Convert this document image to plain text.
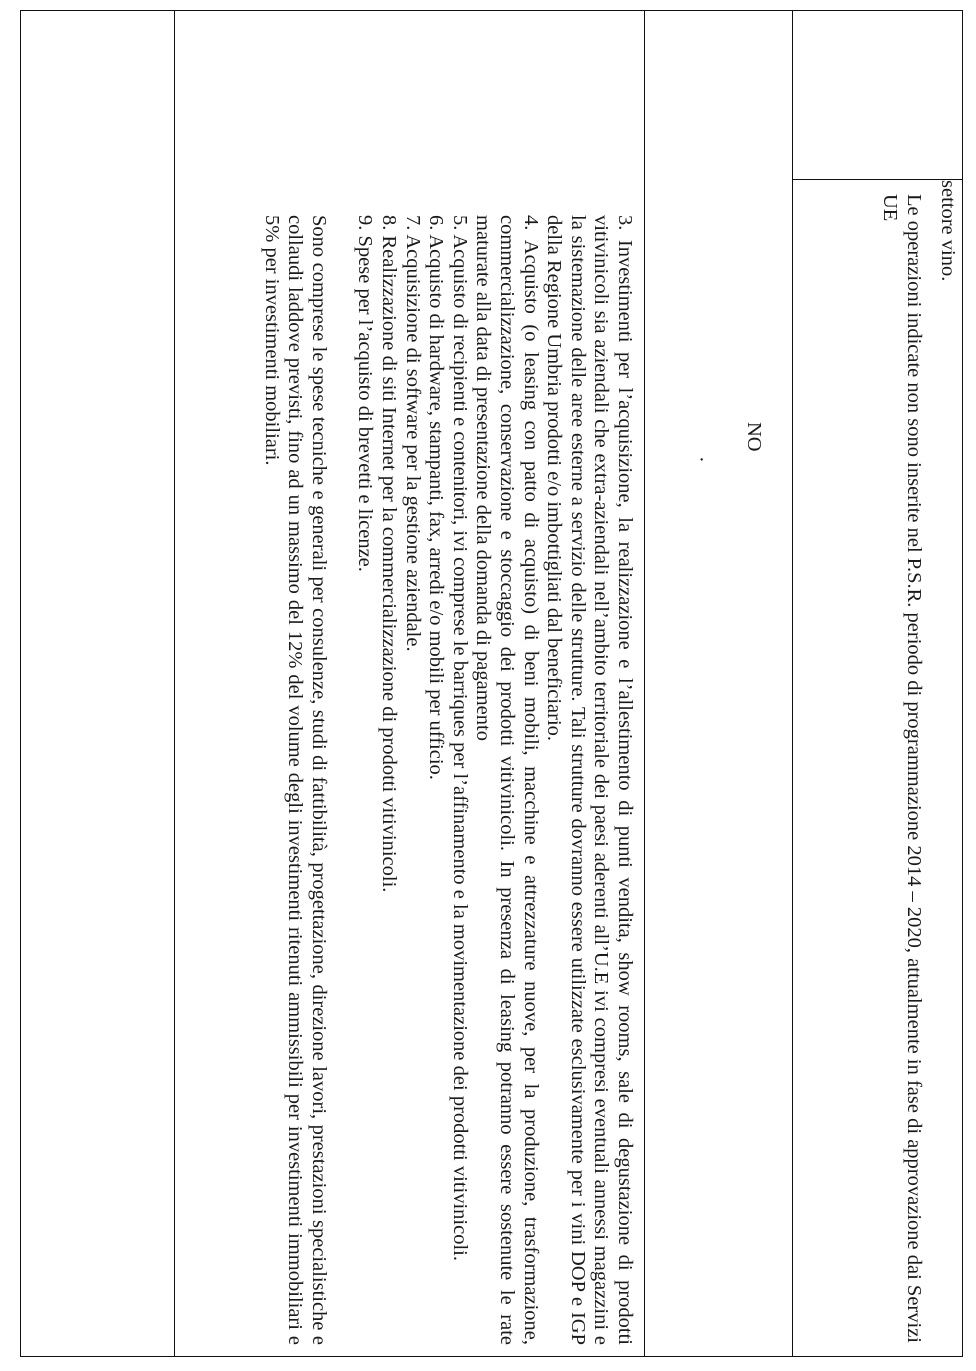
settore vino.
Le operazioni indicate non sono inserite nel P.S.R. periodo di programmazione 2014 – 2020, attualmente in fase di approvazione dai Servizi UE
NO
·

3. Investimenti per l’acquisizione, la realizzazione e l’allestimento di punti vendita, show rooms, sale di degustazione di prodotti vitivinicoli sia aziendali che extra-aziendali nell’ambito territoriale dei paesi aderenti all’U.E ivi compresi eventuali annessi magazzini e la sistemazione delle aree esterne a servizio delle strutture. Tali strutture dovranno essere utilizzate esclusivamente per i vini DOP e IGP della Regione Umbria prodotti e/o imbottigliati dal beneficiario.

4. Acquisto (o leasing con patto di acquisto) di beni mobili, macchine e attrezzature nuove, per la produzione, trasformazione, commercializzazione, conservazione e stoccaggio dei prodotti vitivinicoli. In presenza di leasing potranno essere sostenute le rate maturate alla data di presentazione della domanda di pagamento

5. Acquisto di recipienti e contenitori, ivi comprese le barriques per l’affinamento e la movimentazione dei prodotti vitivinicoli.

6. Acquisto di hardware, stampanti, fax, arredi e/o mobili per ufficio.

7. Acquisizione di software per la gestione aziendale.

8. Realizzazione di siti Internet per la commercializzazione di prodotti vitivinicoli.

9. Spese per l’acquisto di brevetti e licenze.

Sono comprese le spese tecniche e generali per consulenze, studi di fattibilità, progettazione, direzione lavori, prestazioni specialistiche e collaudi laddove previsti, fino ad un massimo del 12% del volume degli investimenti ritenuti ammissibili per investimenti immobiliari e 5% per investimenti mobiliari.
